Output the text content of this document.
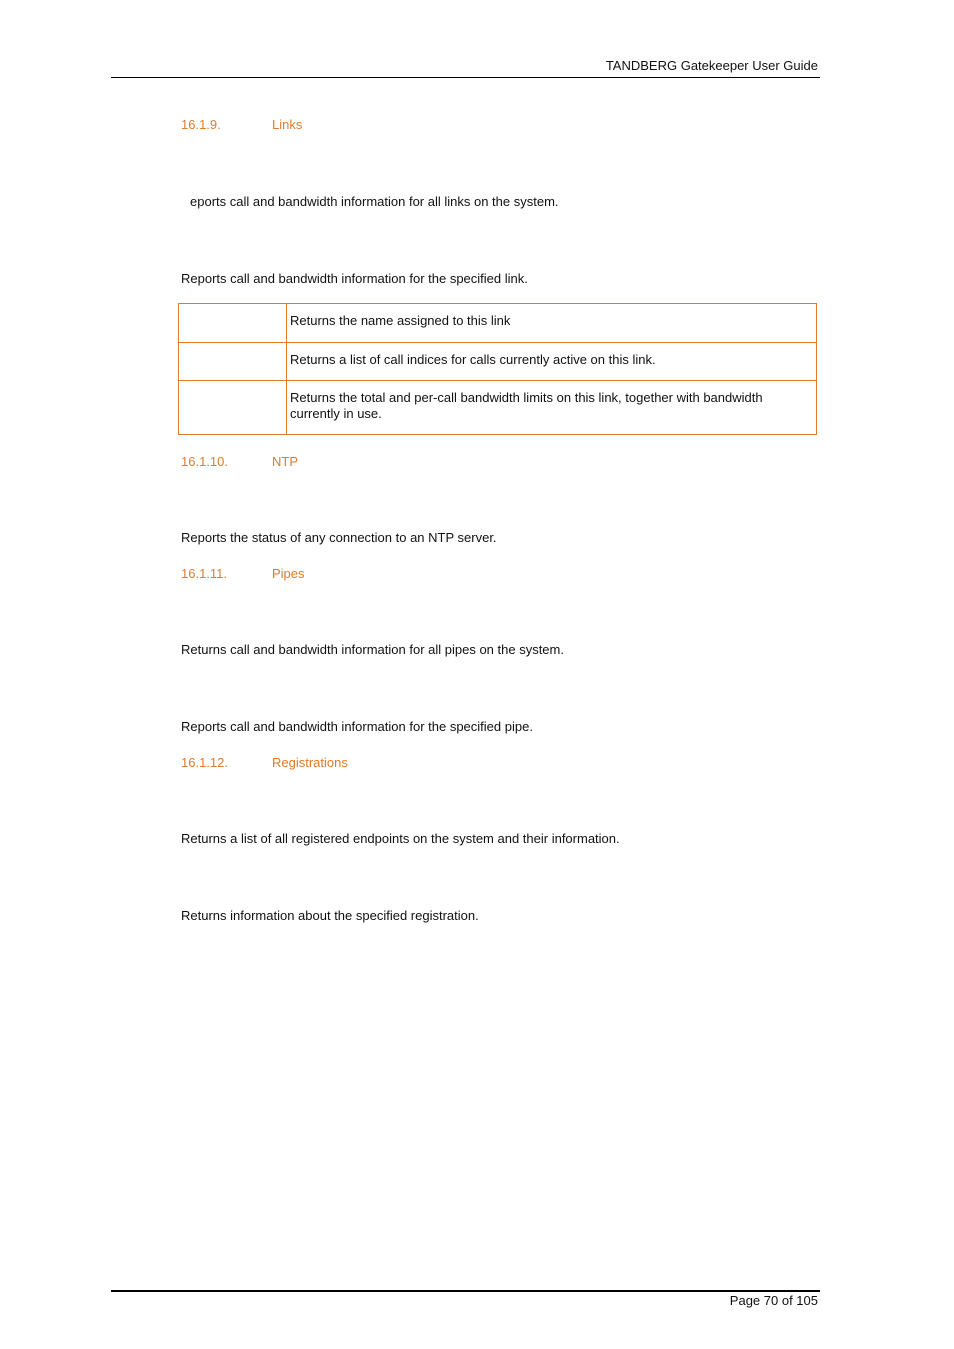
TANDBERG Gatekeeper User Guide
16.1.9.	Links
eports call and bandwidth information for all links on the system.
Reports call and bandwidth information for the specified link.
	Returns the name assigned to this link
	Returns a list of call indices for calls currently active on this link.
	Returns the total and per-call bandwidth limits on this link, together with bandwidth currently in use.
16.1.10.	NTP
Reports the status of any connection to an NTP server.
16.1.11.	Pipes
Returns call and bandwidth information for all pipes on the system.
Reports call and bandwidth information for the specified pipe.
16.1.12.	Registrations
Returns a list of all registered endpoints on the system and their information.
Returns information about the specified registration.
Page 70 of 105
